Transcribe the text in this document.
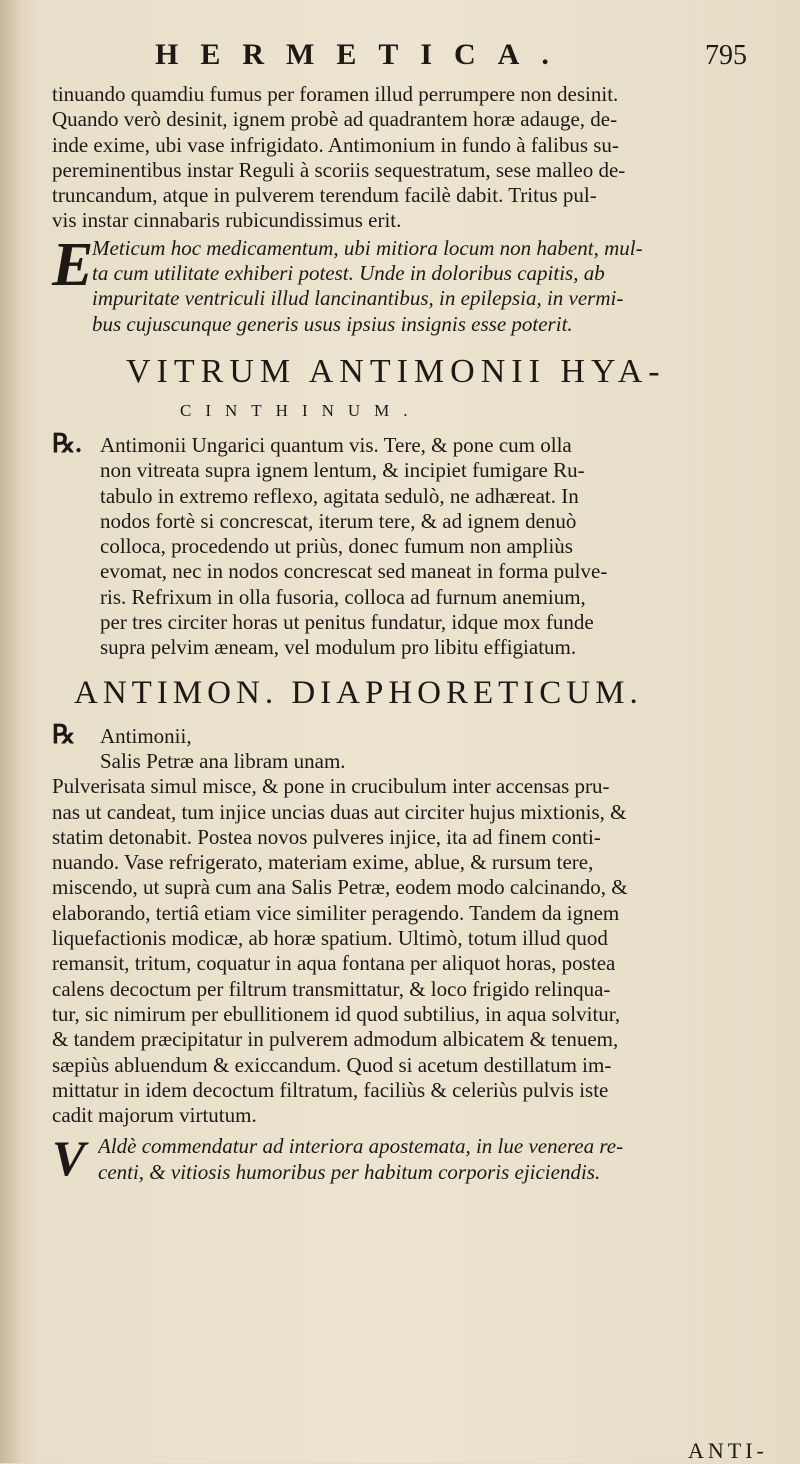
HERMETICA.	795
tinuando quamdiu fumus per foramen illud perrumpere non desinit.
Quando verò desinit, ignem probè ad quadrantem horæ adauge, de-
inde exime, ubi vase infrigidato. Antimonium in fundo à falibus su-
pereminentibus instar Reguli à scoriis sequestratum, sese malleo de-
truncandum, atque in pulverem terendum facilè dabit. Tritus pul-
vis instar cinnabaris rubicundissimus erit.
E
Meticum hoc medicamentum, ubi mitiora locum non habent, mul-
ta cum utilitate exhiberi potest. Unde in doloribus capitis, ab
impuritate ventriculi illud lancinantibus, in epilepsia, in vermi-
bus cujuscunque generis usus ipsius insignis esse poterit.
VITRUM ANTIMONII HYA-
CINTHINUM.
℞. Antimonii Ungarici quantum vis. Tere, & pone cum olla
non vitreata supra ignem lentum, & incipiet fumigare Ru-
tabulo in extremo reflexo, agitata sedulò, ne adhæreat. In
nodos fortè si concrescat, iterum tere, & ad ignem denuò
colloca, procedendo ut priùs, donec fumum non ampliùs
evomat, nec in nodos concrescat sed maneat in forma pulve-
ris. Refrixum in olla fusoria, colloca ad furnum anemium,
per tres circiter horas ut penitus fundatur, idque mox funde
supra pelvim æneam, vel modulum pro libitu effigiatum.
ANTIMON. DIAPHORETICUM.
℞ Antimonii,
Salis Petræ ana libram unam.
Pulverisata simul misce, & pone in crucibulum inter accensas pru-
nas ut candeat, tum injice uncias duas aut circiter hujus mixtionis, &
statim detonabit. Postea novos pulveres injice, ita ad finem conti-
nuando. Vase refrigerato, materiam exime, ablue, & rursum tere,
miscendo, ut suprà cum ana Salis Petræ, eodem modo calcinando, &
elaborando, tertiâ etiam vice similiter peragendo. Tandem da ignem
liquefactionis modicæ, ab horæ spatium. Ultimò, totum illud quod
remansit, tritum, coquatur in aqua fontana per aliquot horas, postea
calens decoctum per filtrum transmittatur, & loco frigido relinqua-
tur, sic nimirum per ebullitionem id quod subtilius, in aqua solvitur,
& tandem præcipitatur in pulverem admodum albicatem & tenuem,
sæpiùs abluendum & exiccandum. Quod si acetum destillatum im-
mittatur in idem decoctum filtratum, faciliùs & celeriùs pulvis iste
cadit majorum virtutum.
V Aldè commendatur ad interiora apostemata, in lue venerea re-
centi, & vitiosis humoribus per habitum corporis ejiciendis.
ANTI-
